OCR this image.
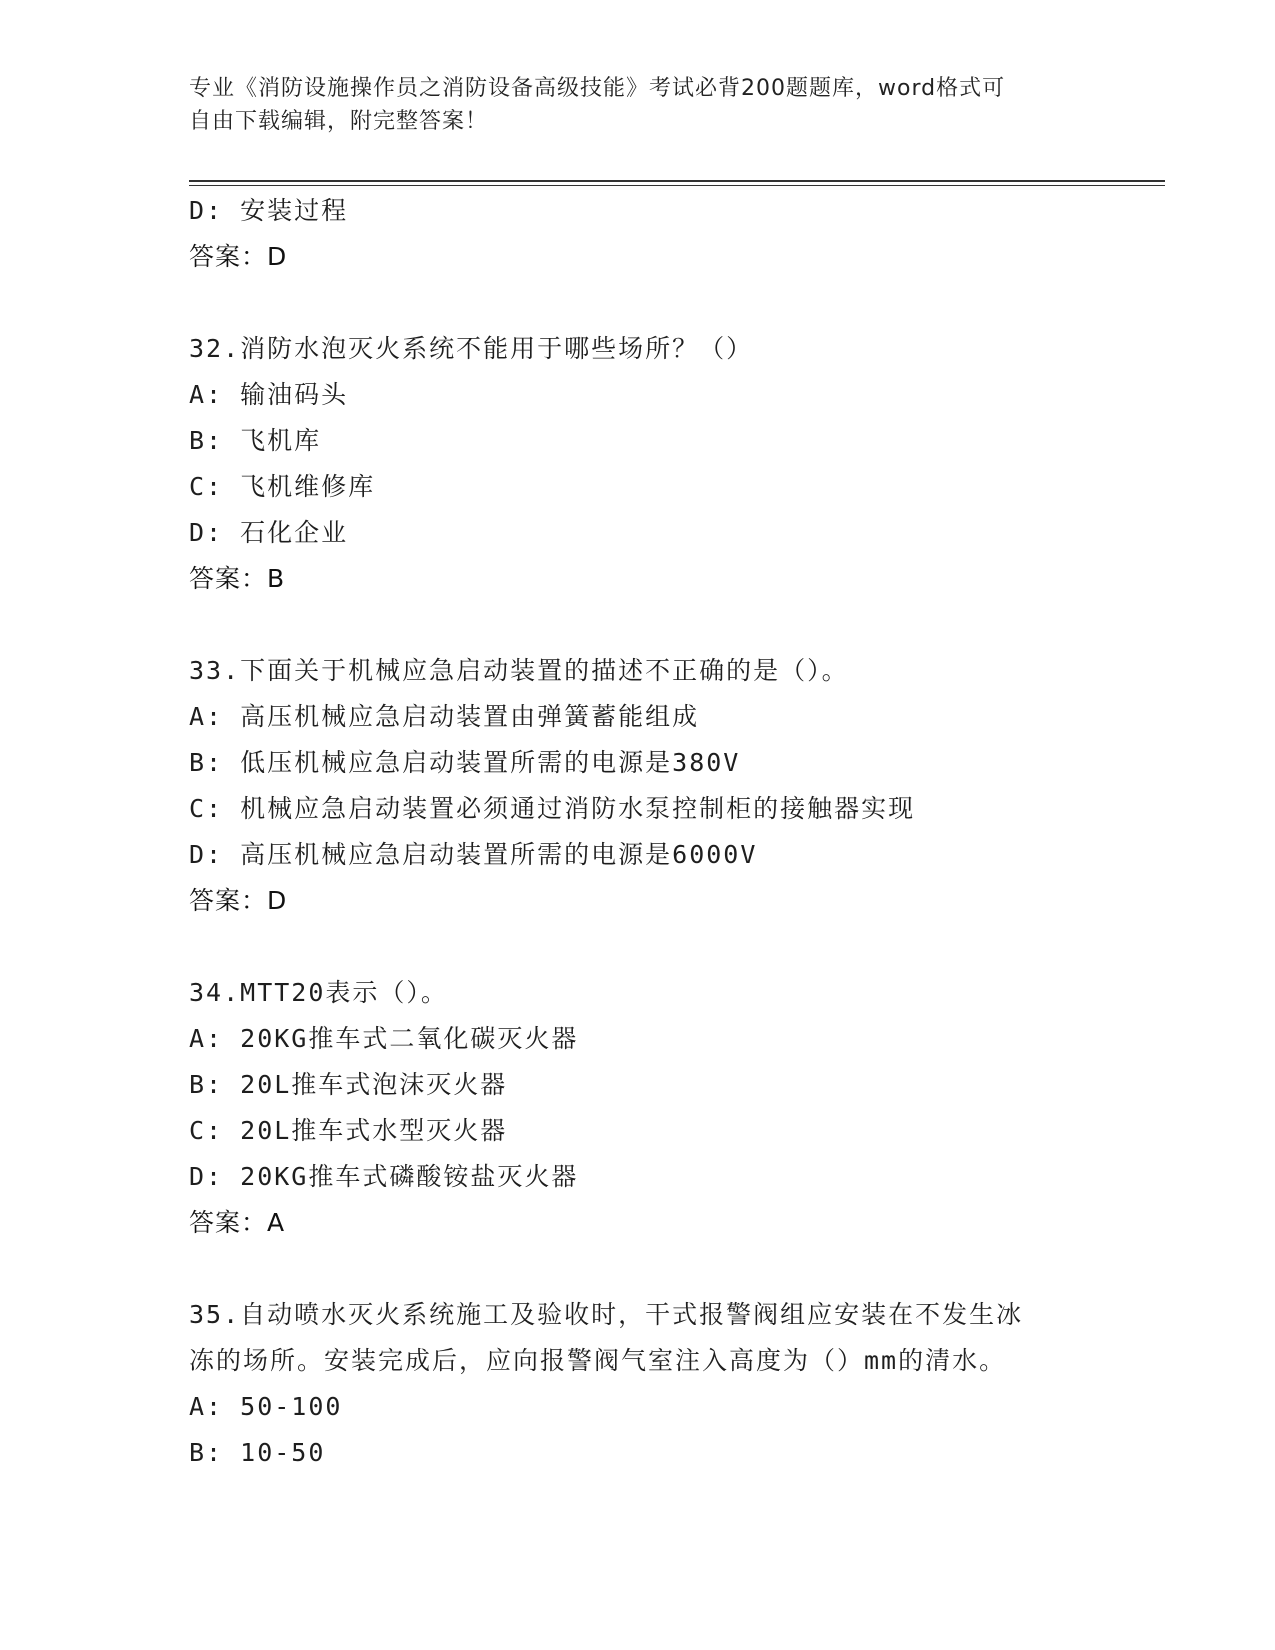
专业《消防设施操作员之消防设备高级技能》考试必背200题题库，word格式可
自由下载编辑，附完整答案！
D: 安装过程
答案：D
32.消防水泡灭火系统不能用于哪些场所？（）
A: 输油码头
B: 飞机库
C: 飞机维修库
D: 石化企业
答案：B
33.下面关于机械应急启动装置的描述不正确的是（）。
A: 高压机械应急启动装置由弹簧蓄能组成
B: 低压机械应急启动装置所需的电源是380V
C: 机械应急启动装置必须通过消防水泵控制柜的接触器实现
D: 高压机械应急启动装置所需的电源是6000V
答案：D
34.MTT20表示（）。
A: 20KG推车式二氧化碳灭火器
B: 20L推车式泡沫灭火器
C: 20L推车式水型灭火器
D: 20KG推车式磷酸铵盐灭火器
答案：A
35.自动喷水灭火系统施工及验收时，干式报警阀组应安装在不发生冰
冻的场所。安装完成后，应向报警阀气室注入高度为（）mm的清水。
A: 50-100
B: 10-50
